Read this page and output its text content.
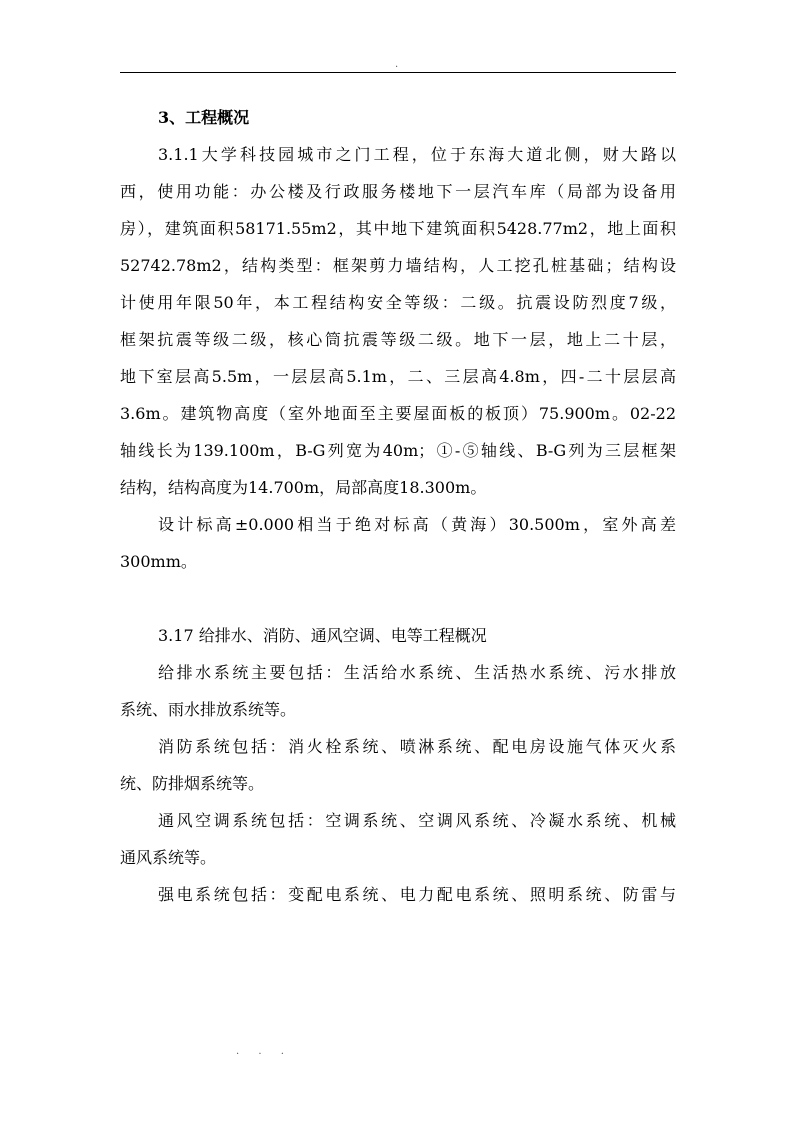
.
3、工程概况
3.1.1大学科技园城市之门工程，位于东海大道北侧，财大路以
西，使用功能：办公楼及行政服务楼地下一层汽车库（局部为设备用
房），建筑面积58171.55m2，其中地下建筑面积5428.77m2，地上面积
52742.78m2，结构类型：框架剪力墙结构，人工挖孔桩基础；结构设
计使用年限50年，本工程结构安全等级：二级。抗震设防烈度7级，
框架抗震等级二级，核心筒抗震等级二级。地下一层，地上二十层，
地下室层高5.5m，一层层高5.1m，二、三层高4.8m，四-二十层层高
3.6m。建筑物高度（室外地面至主要屋面板的板顶）75.900m。02-22
轴线长为139.100m，B-G列宽为40m；①-⑤轴线、B-G列为三层框架
结构，结构高度为14.700m，局部高度18.300m。
设计标高±0.000相当于绝对标高（黄海）30.500m，室外高差
300mm。
3.17 给排水、消防、通风空调、电等工程概况
给排水系统主要包括：生活给水系统、生活热水系统、污水排放
系统、雨水排放系统等。
消防系统包括：消火栓系统、喷淋系统、配电房设施气体灭火系
统、防排烟系统等。
通风空调系统包括：空调系统、空调风系统、冷凝水系统、机械
通风系统等。
强电系统包括：变配电系统、电力配电系统、照明系统、防雷与
. . .
